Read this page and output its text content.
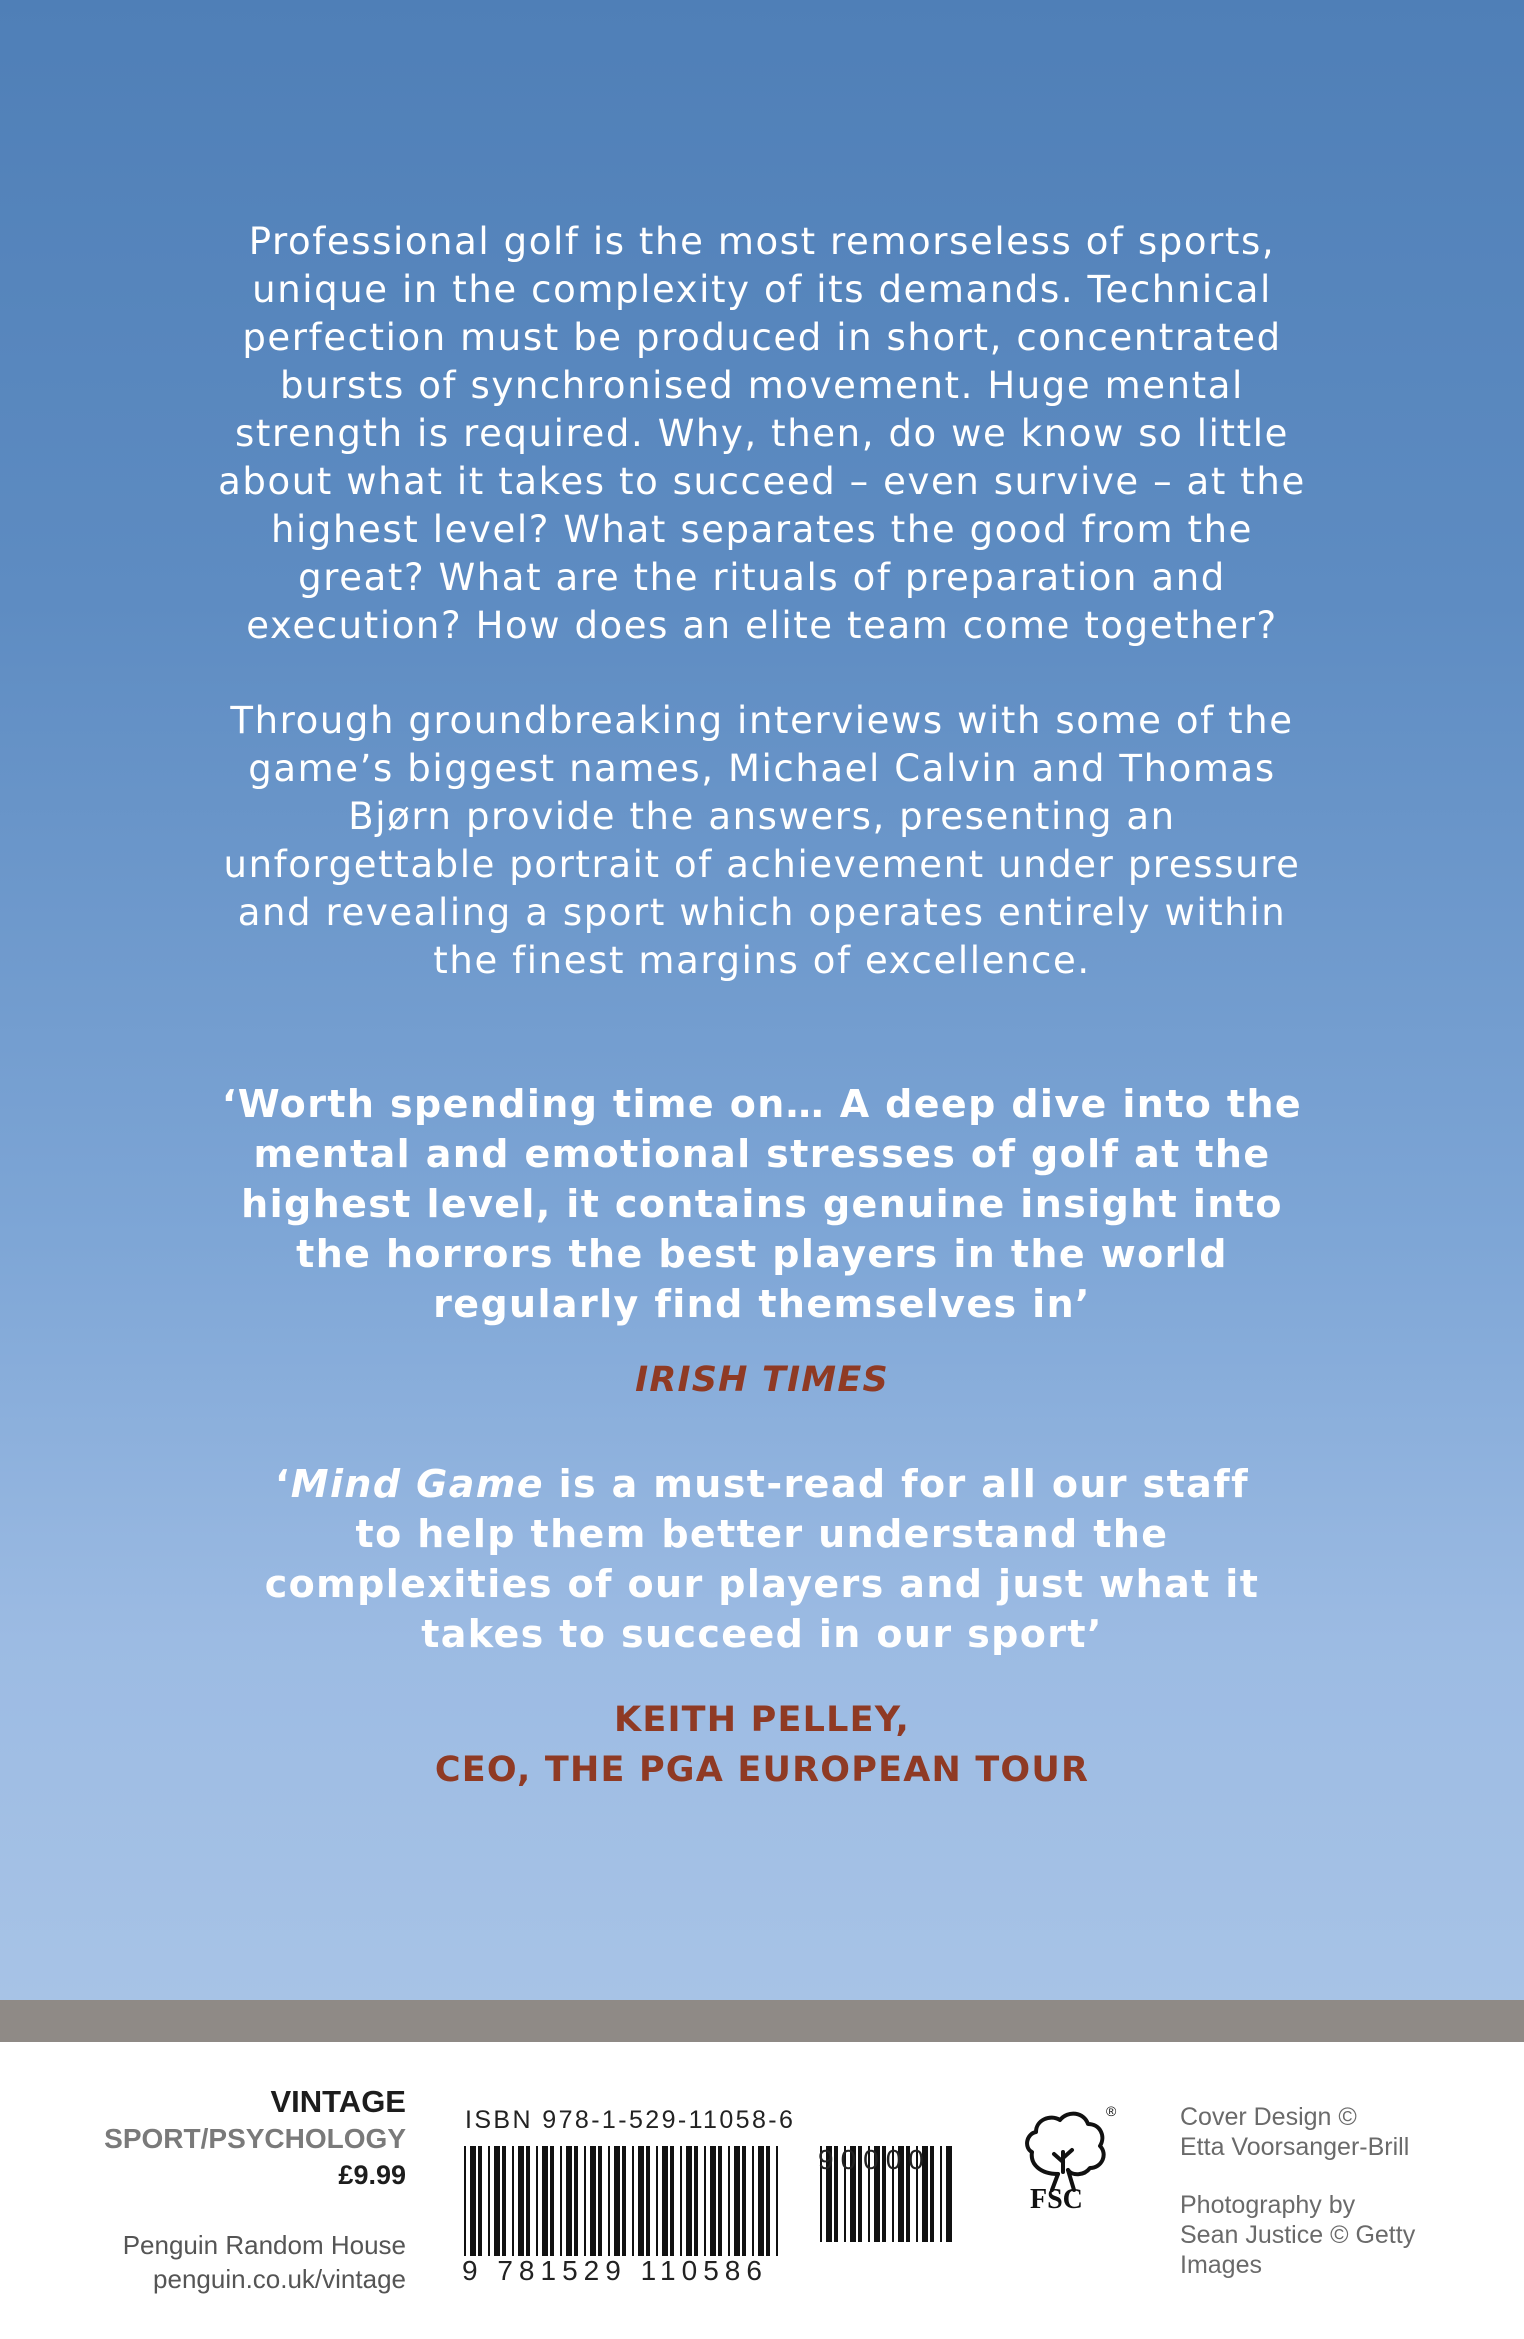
Professional golf is the most remorseless of sports,
unique in the complexity of its demands. Technical
perfection must be produced in short, concentrated
bursts of synchronised movement. Huge mental
strength is required. Why, then, do we know so little
about what it takes to succeed – even survive – at the
highest level? What separates the good from the
great? What are the rituals of preparation and
execution? How does an elite team come together?
Through groundbreaking interviews with some of the
game’s biggest names, Michael Calvin and Thomas
Bjørn provide the answers, presenting an
unforgettable portrait of achievement under pressure
and revealing a sport which operates entirely within
the finest margins of excellence.
‘Worth spending time on… A deep dive into the
mental and emotional stresses of golf at the
highest level, it contains genuine insight into
the horrors the best players in the world
regularly find themselves in’
IRISH TIMES
‘Mind Game is a must-read for all our staff
to help them better understand the
complexities of our players and just what it
takes to succeed in our sport’
KEITH PELLEY,
CEO, THE PGA EUROPEAN TOUR
VINTAGE
SPORT/PSYCHOLOGY
£9.99
Penguin Random House
penguin.co.uk/vintage
ISBN 978-1-529-11058-6
9 781529 110586
90000
FSC
®	Cover Design ©
Etta Voorsanger-Brill
Photography by
Sean Justice © Getty
Images
